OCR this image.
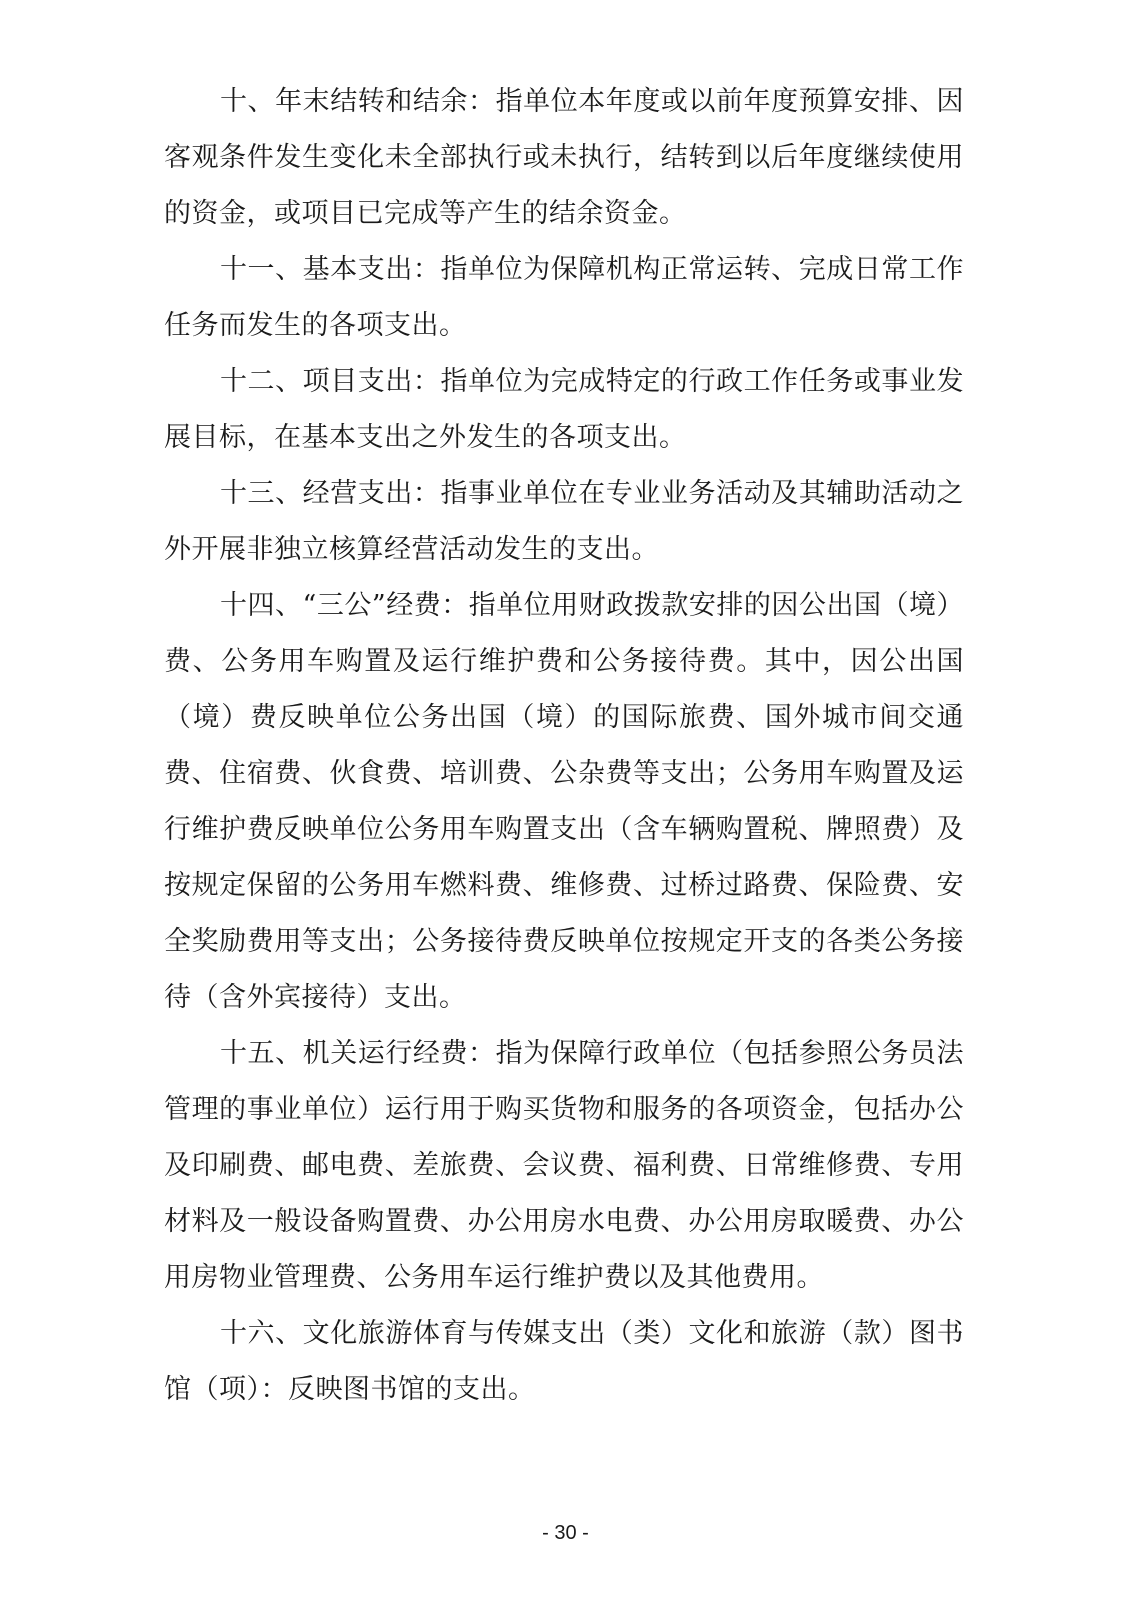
十、年末结转和结余：指单位本年度或以前年度预算安排、因客观条件发生变化未全部执行或未执行，结转到以后年度继续使用的资金，或项目已完成等产生的结余资金。

十一、基本支出：指单位为保障机构正常运转、完成日常工作任务而发生的各项支出。

十二、项目支出：指单位为完成特定的行政工作任务或事业发展目标，在基本支出之外发生的各项支出。

十三、经营支出：指事业单位在专业业务活动及其辅助活动之外开展非独立核算经营活动发生的支出。

十四、“三公”经费：指单位用财政拨款安排的因公出国（境）费、公务用车购置及运行维护费和公务接待费。其中，因公出国（境）费反映单位公务出国（境）的国际旅费、国外城市间交通费、住宿费、伙食费、培训费、公杂费等支出；公务用车购置及运行维护费反映单位公务用车购置支出（含车辆购置税、牌照费）及按规定保留的公务用车燃料费、维修费、过桥过路费、保险费、安全奖励费用等支出；公务接待费反映单位按规定开支的各类公务接待（含外宾接待）支出。

十五、机关运行经费：指为保障行政单位（包括参照公务员法管理的事业单位）运行用于购买货物和服务的各项资金，包括办公及印刷费、邮电费、差旅费、会议费、福利费、日常维修费、专用材料及一般设备购置费、办公用房水电费、办公用房取暖费、办公用房物业管理费、公务用车运行维护费以及其他费用。

十六、文化旅游体育与传媒支出（类）文化和旅游（款）图书馆（项）：反映图书馆的支出。

- 30 -
